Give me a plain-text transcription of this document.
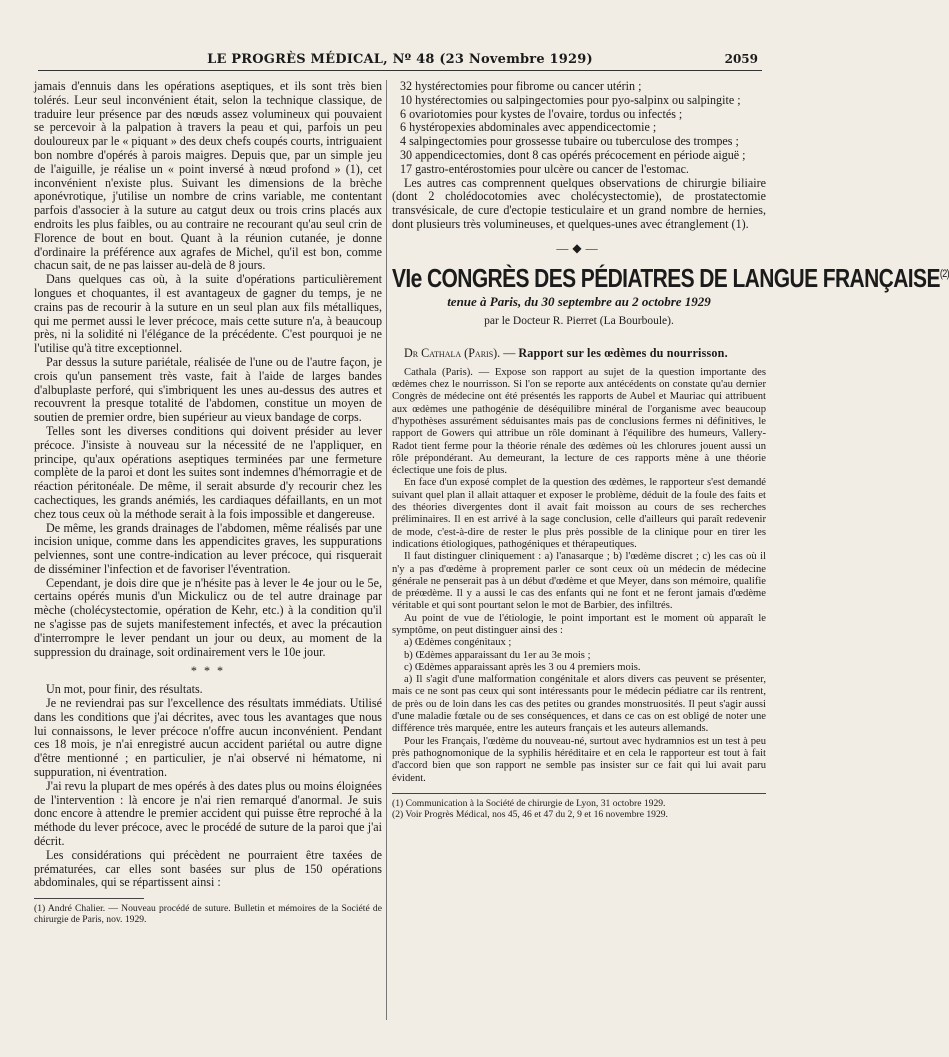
LE PROGRÈS MÉDICAL, Nº 48 (23 Novembre 1929)	2059

jamais d'ennuis dans les opérations aseptiques, et ils sont très bien tolérés. Leur seul inconvénient était, selon la technique classique, de traduire leur présence par des nœuds assez volumineux qui pouvaient se percevoir à la palpation à travers la peau et qui, parfois un peu douloureux par le « piquant » des deux chefs coupés courts, intriguaient bon nombre d'opérés à parois maigres. Depuis que, par un simple jeu de l'aiguille, je réalise un « point inversé à nœud profond » (1), cet inconvénient n'existe plus. Suivant les dimensions de la brèche aponévrotique, j'utilise un nombre de crins variable, me contentant parfois d'associer à la suture au catgut deux ou trois crins placés aux endroits les plus faibles, ou au contraire ne recourant qu'au seul crin de Florence de bout en bout. Quant à la réunion cutanée, je donne d'ordinaire la préférence aux agrafes de Michel, qu'il est bon, comme chacun sait, de ne pas laisser au-delà de 8 jours.

Dans quelques cas où, à la suite d'opérations particulièrement longues et choquantes, il est avantageux de gagner du temps, je ne crains pas de recourir à la suture en un seul plan aux fils métalliques, qui me permet aussi le lever précoce, mais cette suture n'a, à beaucoup près, ni la solidité ni l'élégance de la précédente. C'est pourquoi je ne l'utilise qu'à titre exceptionnel.

Par dessus la suture pariétale, réalisée de l'une ou de l'autre façon, je crois qu'un pansement très vaste, fait à l'aide de larges bandes d'albuplaste perforé, qui s'imbriquent les unes au-dessus des autres et recouvrent la presque totalité de l'abdomen, constitue un moyen de soutien de premier ordre, bien supérieur au vieux bandage de corps.

Telles sont les diverses conditions qui doivent présider au lever précoce. J'insiste à nouveau sur la nécessité de ne l'appliquer, en principe, qu'aux opérations aseptiques terminées par une fermeture complète de la paroi et dont les suites sont indemnes d'hémorragie et de réaction péritonéale. De même, il serait absurde d'y recourir chez les cachectiques, les grands anémiés, les cardiaques défaillants, en un mot chez tous ceux où la méthode serait à la fois impossible et dangereuse.

De même, les grands drainages de l'abdomen, même réalisés par une incision unique, comme dans les appendicites graves, les suppurations pelviennes, sont une contre-indication au lever précoce, qui risquerait de disséminer l'infection et de favoriser l'éventration.

Cependant, je dois dire que je n'hésite pas à lever le 4e jour ou le 5e, certains opérés munis d'un Mickulicz ou de tel autre drainage par mèche (cholécystectomie, opération de Kehr, etc.) à la condition qu'il ne s'agisse pas de sujets manifestement infectés, et avec la précaution d'interrompre le lever pendant un jour ou deux, au moment de la suppression du drainage, soit ordinairement vers le 10e jour.

* * *

Un mot, pour finir, des résultats.

Je ne reviendrai pas sur l'excellence des résultats immédiats. Utilisé dans les conditions que j'ai décrites, avec tous les avantages que nous lui connaissons, le lever précoce n'offre aucun inconvénient. Pendant ces 18 mois, je n'ai enregistré aucun accident pariétal ou autre digne d'être mentionné ; en particulier, je n'ai observé ni hématome, ni suppuration, ni éventration.

J'ai revu la plupart de mes opérés à des dates plus ou moins éloignées de l'intervention : là encore je n'ai rien remarqué d'anormal. Je suis donc encore à attendre le premier accident qui puisse être reproché à la méthode du lever précoce, avec le procédé de suture de la paroi que j'ai décrit.

Les considérations qui précèdent ne pourraient être taxées de prématurées, car elles sont basées sur plus de 150 opérations abdominales, qui se répartissent ainsi :

(1) André Chalier. — Nouveau procédé de suture. Bulletin et mémoires de la Société de chirurgie de Paris, nov. 1929.

32 hystérectomies pour fibrome ou cancer utérin ;

10 hystérectomies ou salpingectomies pour pyo-salpinx ou salpingite ;

6 ovariotomies pour kystes de l'ovaire, tordus ou infectés ;

6 hystéropexies abdominales avec appendicectomie ;

4 salpingectomies pour grossesse tubaire ou tuberculose des trompes ;

30 appendicectomies, dont 8 cas opérés précocement en période aiguë ;

17 gastro-entérostomies pour ulcère ou cancer de l'estomac.

Les autres cas comprennent quelques observations de chirurgie biliaire (dont 2 cholédocotomies avec cholécystectomie), de prostatectomie transvésicale, de cure d'ectopie testiculaire et un grand nombre de hernies, dont plusieurs très volumineuses, et quelques-unes avec étranglement (1).

—◆—
VIe CONGRÈS DES PÉDIATRES DE LANGUE FRANÇAISE$^{(2)}$
tenue à Paris, du 30 septembre au 2 octobre 1929
par le Docteur R. Pierret (La Bourboule).

Dr Cathala (Paris). — Rapport sur les œdèmes du nourrisson.

Cathala (Paris). — Expose son rapport au sujet de la question importante des œdèmes chez le nourrisson. Si l'on se reporte aux antécédents on constate qu'au dernier Congrès de médecine ont été présentés les rapports de Aubel et Mauriac qui attribuent aux œdèmes une pathogénie de déséquilibre minéral de l'organisme avec beaucoup d'hypothèses assurément séduisantes mais pas de conclusions fermes ni définitives, le rapport de Gowers qui attribue un rôle dominant à l'équilibre des humeurs, Vallery-Radot tient ferme pour la théorie rénale des œdèmes où les chlorures jouent aussi un rôle prépondérant. Au demeurant, la lecture de ces rapports mène à une théorie éclectique une fois de plus.

En face d'un exposé complet de la question des œdèmes, le rapporteur s'est demandé suivant quel plan il allait attaquer et exposer le problème, déduit de la foule des faits et des théories divergentes dont il avait fait moisson au cours de ses recherches préliminaires. Il en est arrivé à la sage conclusion, celle d'ailleurs qui paraît redevenir de mode, c'est-à-dire de rester le plus près possible de la clinique pour en tirer les indications étiologiques, pathogéniques et thérapeutiques.

Il faut distinguer cliniquement : a) l'anasarque ; b) l'œdème discret ; c) les cas où il n'y a pas d'œdème à proprement parler ce sont ceux où un médecin de médecine générale ne penserait pas à un début d'œdème et que Meyer, dans son mémoire, qualifie de préœdème. Il y a aussi le cas des enfants qui ne font et ne feront jamais d'œdème véritable et qui sont pourtant selon le mot de Barbier, des infiltrés.

Au point de vue de l'étiologie, le point important est le moment où apparaît le symptôme, on peut distinguer ainsi des :

a) Œdèmes congénitaux ;

b) Œdèmes apparaissant du 1er au 3e mois ;

c) Œdèmes apparaissant après les 3 ou 4 premiers mois.

a) Il s'agit d'une malformation congénitale et alors divers cas peuvent se présenter, mais ce ne sont pas ceux qui sont intéressants pour le médecin pédiatre car ils rentrent, de près ou de loin dans les cas des petites ou grandes monstruosités. Il peut s'agir aussi d'une maladie fœtale ou de ses conséquences, et dans ce cas on est obligé de noter une différence très marquée, entre les auteurs français et les auteurs allemands.

Pour les Français, l'œdème du nouveau-né, surtout avec hydramnios est un test à peu près pathognomonique de la syphilis héréditaire et en cela le rapporteur est tout à fait d'accord bien que son rapport ne semble pas insister sur ce fait qui lui avait paru évident.

(1) Communication à la Société de chirurgie de Lyon, 31 octobre 1929.

(2) Voir Progrès Médical, nos 45, 46 et 47 du 2, 9 et 16 novembre 1929.
